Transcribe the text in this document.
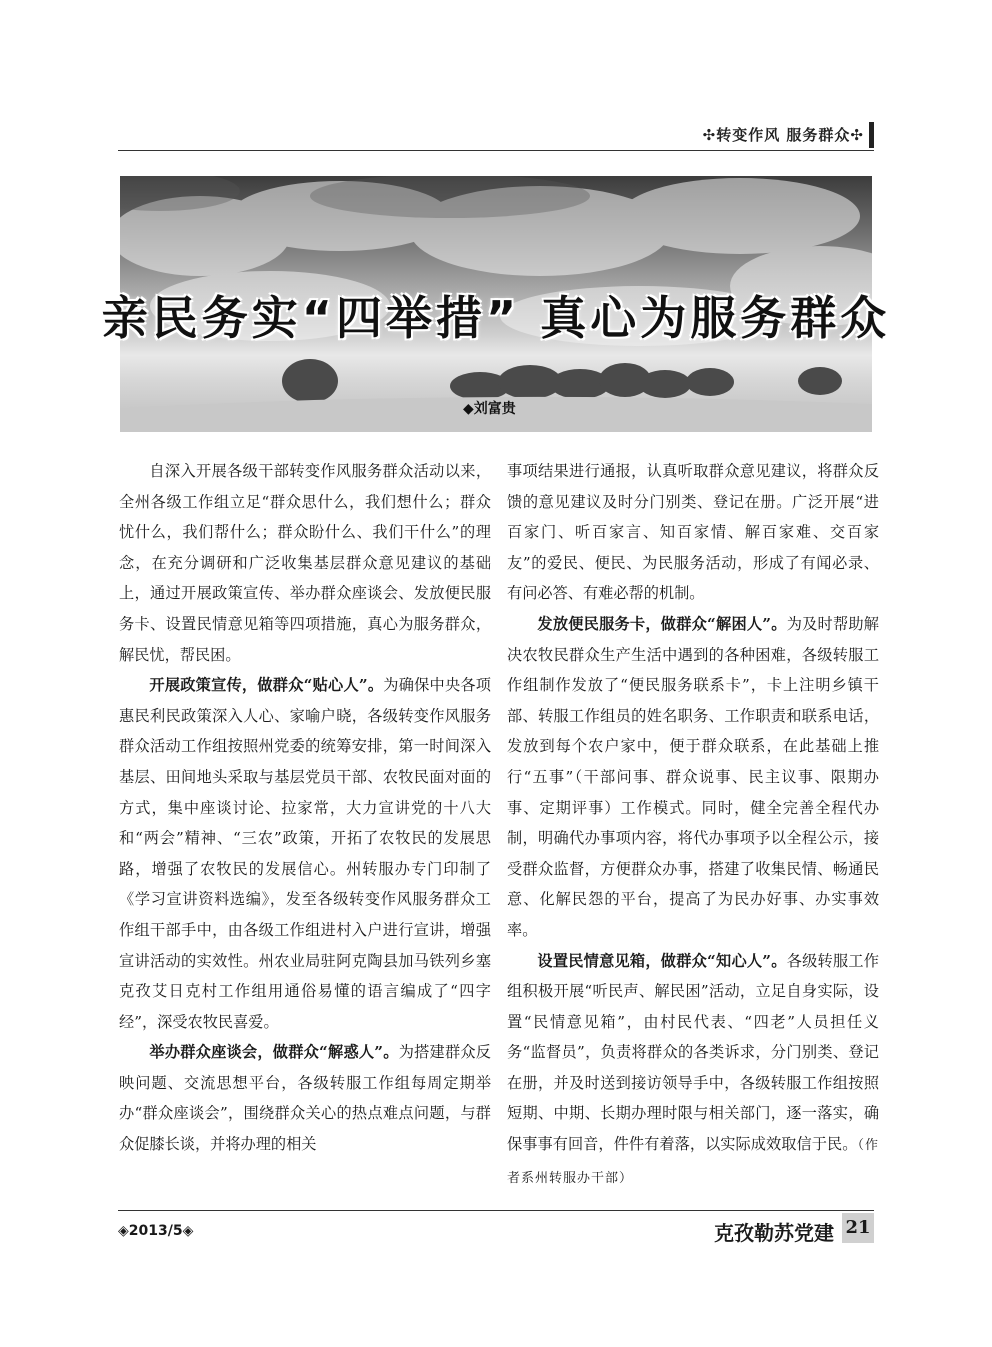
✣转变作风 服务群众✣
亲民务实“四举措” 真心为服务群众
◆刘富贵

自深入开展各级干部转变作风服务群众活动以来，全州各级工作组立足“群众思什么，我们想什么；群众忧什么，我们帮什么；群众盼什么、我们干什么”的理念，在充分调研和广泛收集基层群众意见建议的基础上，通过开展政策宣传、举办群众座谈会、发放便民服务卡、设置民情意见箱等四项措施，真心为服务群众，解民忧，帮民困。

开展政策宣传，做群众“贴心人”。为确保中央各项惠民利民政策深入人心、家喻户晓，各级转变作风服务群众活动工作组按照州党委的统筹安排，第一时间深入基层、田间地头采取与基层党员干部、农牧民面对面的方式，集中座谈讨论、拉家常，大力宣讲党的十八大和“两会”精神、“三农”政策，开拓了农牧民的发展思路，增强了农牧民的发展信心。州转服办专门印制了《学习宣讲资料选编》，发至各级转变作风服务群众工作组干部手中，由各级工作组进村入户进行宣讲，增强宣讲活动的实效性。州农业局驻阿克陶县加马铁列乡塞克孜艾日克村工作组用通俗易懂的语言编成了“四字经”，深受农牧民喜爱。

举办群众座谈会，做群众“解惑人”。为搭建群众反映问题、交流思想平台，各级转服工作组每周定期举办“群众座谈会”，围绕群众关心的热点难点问题，与群众促膝长谈，并将办理的相关

事项结果进行通报，认真听取群众意见建议，将群众反馈的意见建议及时分门别类、登记在册。广泛开展“进百家门、听百家言、知百家情、解百家难、交百家友”的爱民、便民、为民服务活动，形成了有闻必录、有问必答、有难必帮的机制。

发放便民服务卡，做群众“解困人”。为及时帮助解决农牧民群众生产生活中遇到的各种困难，各级转服工作组制作发放了“便民服务联系卡”，卡上注明乡镇干部、转服工作组员的姓名职务、工作职责和联系电话，发放到每个农户家中，便于群众联系，在此基础上推行“五事”（干部问事、群众说事、民主议事、限期办事、定期评事）工作模式。同时，健全完善全程代办制，明确代办事项内容，将代办事项予以全程公示，接受群众监督，方便群众办事，搭建了收集民情、畅通民意、化解民怨的平台，提高了为民办好事、办实事效率。

设置民情意见箱，做群众“知心人”。各级转服工作组积极开展“听民声、解民困”活动，立足自身实际，设置“民情意见箱”，由村民代表、“四老”人员担任义务“监督员”，负责将群众的各类诉求，分门别类、登记在册，并及时送到接访领导手中，各级转服工作组按照短期、中期、长期办理时限与相关部门，逐一落实，确保事事有回音，件件有着落，以实际成效取信于民。（作者系州转服办干部）

◈2013/5◈	克孜勒苏党建 21
